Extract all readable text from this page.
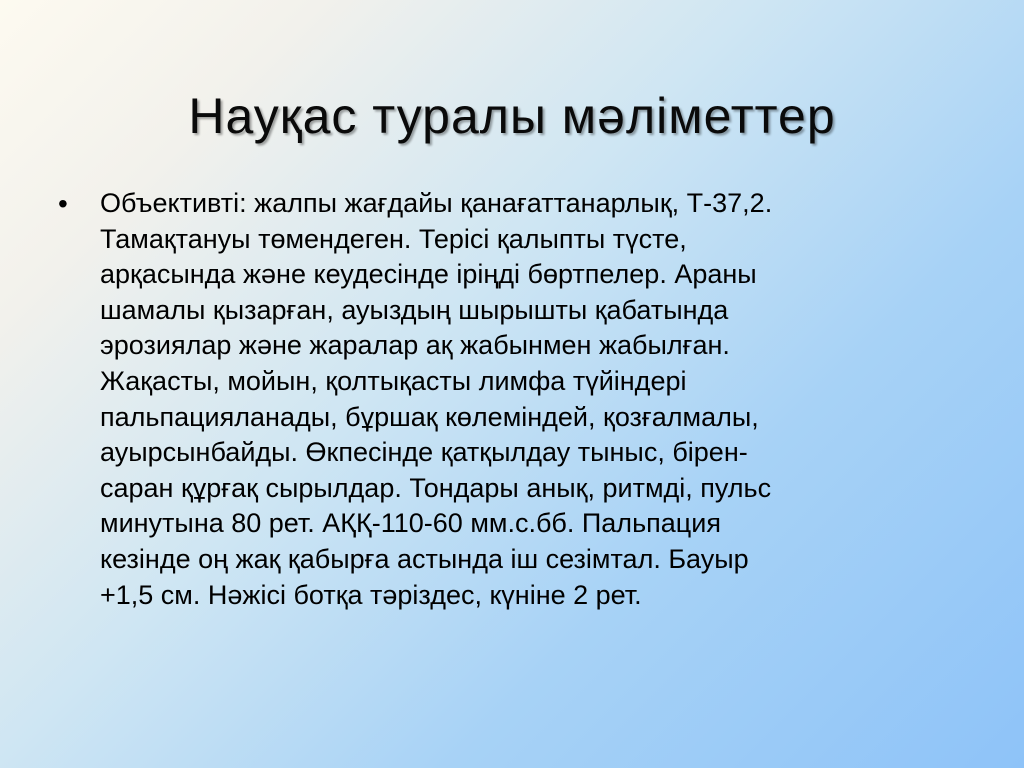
Науқас туралы мәліметтер
•	Объективті: жалпы жағдайы қанағаттанарлық, Т-37,2.
Тамақтануы төмендеген. Терісі қалыпты түсте,
арқасында және кеудесінде іріңді бөртпелер. Араны
шамалы қызарған, ауыздың шырышты қабатында
эрозиялар және жаралар ақ жабынмен жабылған.
Жақасты, мойын, қолтықасты лимфа түйіндері
пальпацияланады, бұршақ көлеміндей, қозғалмалы,
ауырсынбайды. Өкпесінде қатқылдау тыныс, бірен-
саран құрғақ сырылдар. Тондары анық, ритмді, пульс
минутына 80 рет. АҚҚ-110-60 мм.с.бб. Пальпация
кезінде оң жақ қабырға астында іш сезімтал. Бауыр
+1,5 см. Нәжісі ботқа тәріздес, күніне 2 рет.
